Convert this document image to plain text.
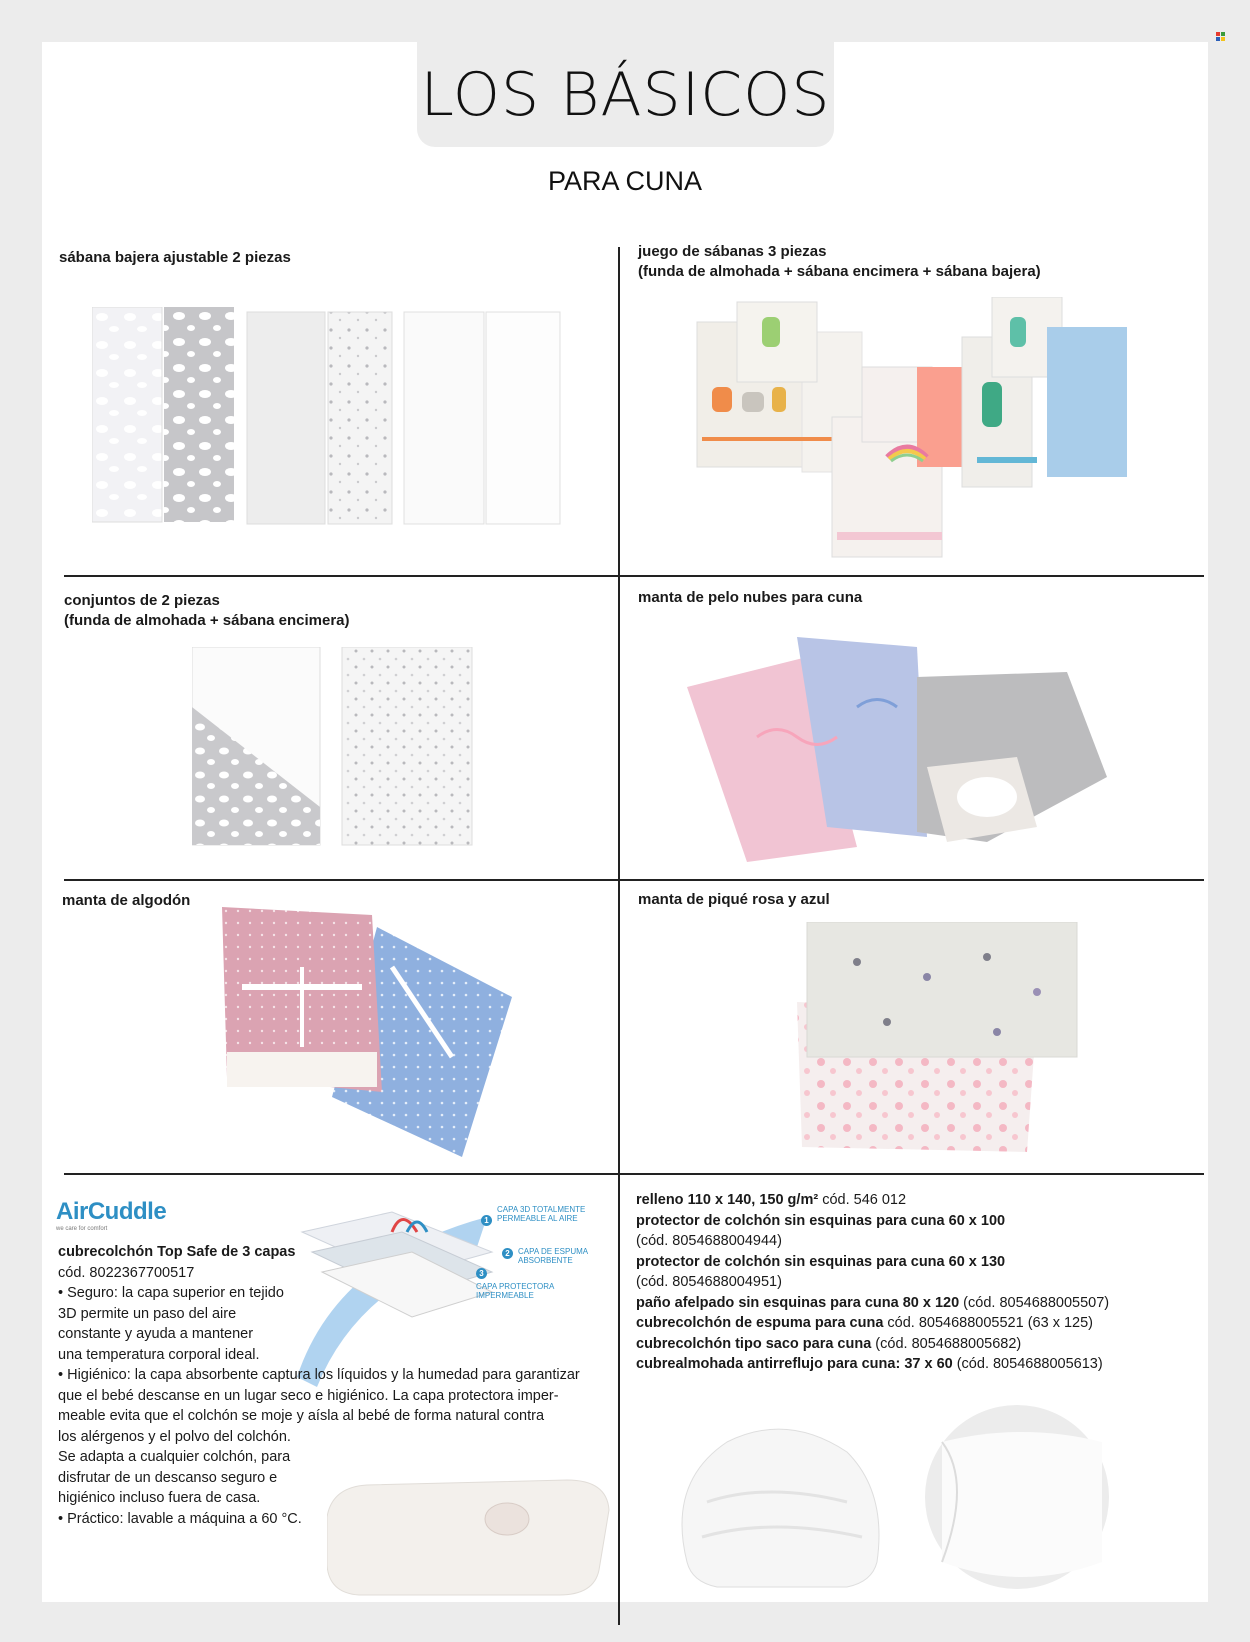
LOS BÁSICOS
PARA CUNA
sábana bajera ajustable 2 piezas	juego de sábanas 3 piezas
(funda de almohada + sábana encimera + sábana bajera)
conjuntos de 2 piezas
(funda de almohada + sábana encimera)
manta de pelo nubes para cuna
manta de algodón	manta de piqué rosa y azul
AirCuddle
we care for comfort
1
CAPA 3D TOTALMENTE
PERMEABLE AL AIRE
2	CAPA DE ESPUMA
ABSORBENTE
3
CAPA PROTECTORA
IMPERMEABLE
cubrecolchón Top Safe de 3 capas
cód. 8022367700517
• Seguro: la capa superior en tejido
3D permite un paso del aire
constante y ayuda a mantener
una temperatura corporal ideal.
• Higiénico: la capa absorbente captura los líquidos y la humedad para garantizar
que el bebé descanse en un lugar seco e higiénico. La capa protectora imper-
meable evita que el colchón se moje y aísla al bebé de forma natural contra
los alérgenos y el polvo del colchón.
Se adapta a cualquier colchón, para
disfrutar de un descanso seguro e
higiénico incluso fuera de casa.
• Práctico: lavable a máquina a 60 °C.
relleno 110 x 140, 150 g/m² cód. 546 012
protector de colchón sin esquinas para cuna 60 x 100
(cód. 8054688004944)
protector de colchón sin esquinas para cuna 60 x 130
(cód. 8054688004951)
paño afelpado sin esquinas para cuna 80 x 120 (cód. 8054688005507)
cubrecolchón de espuma para cuna cód. 8054688005521 (63 x 125)
cubrecolchón tipo saco para cuna (cód. 8054688005682)
cubrealmohada antirreflujo para cuna: 37 x 60 (cód. 8054688005613)
